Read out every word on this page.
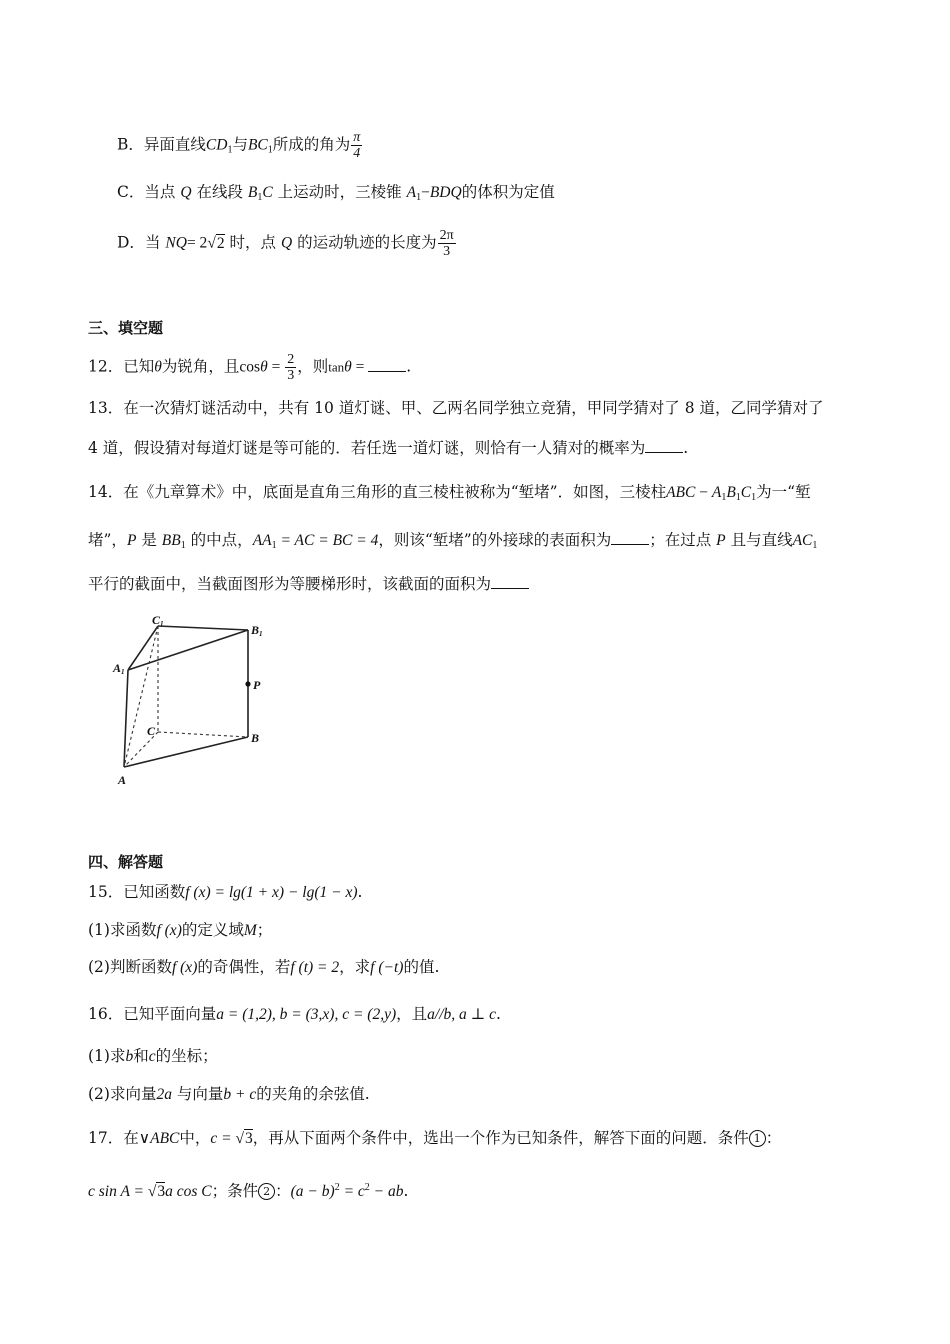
B．异面直线$CD_1$与$BC_1$所成的角为 $\frac{\pi}{4}$
C．当点 Q 在线段 $B_1C$ 上运动时，三棱锥 $A_1-BDQ$的体积为定值
D．当 NQ= 2√2 时，点 Q 的运动轨迹的长度为 $\frac{2\pi}{3}$
三、填空题
12．已知θ为锐角，且$\cos\theta = \frac{2}{3}$ ，则tanθ = .
13．在一次猜灯谜活动中，共有 10 道灯谜、甲、乙两名同学独立竞猜，甲同学猜对了 8 道，乙同学猜对了
4 道，假设猜对每道灯谜是等可能的．若任选一道灯谜，则恰有一人猜对的概率为 .
14．在《九章算术》中，底面是直角三角形的直三棱柱被称为“堑堵”．如图，三棱柱ABC − $A_1B_1C_1$为一“堑
堵”，P 是 $BB_1$ 的中点，$AA_1$ = AC = BC = 4，则该“堑堵”的外接球的表面积为 ；在过点 P 且与直线$AC_1$
平行的截面中，当截面图形为等腰梯形时，该截面的面积为
C1	B1
A1
P
C	B
A
四、解答题
15．已知函数f (x) = lg(1 + x) − lg(1 − x).
(1)求函数f (x)的定义域M；
(2)判断函数f (x)的奇偶性，若f (t) = 2，求f (−t)的值.
16．已知平面向量a = (1,2), b = (3,x), c = (2,y)，且a//b, a ⊥ c.
(1)求b和c的坐标；
(2)求向量2a 与向量b + c的夹角的余弦值.
17．在∨ABC中，c = √3，再从下面两个条件中，选出一个作为已知条件，解答下面的问题．条件 1 ：
c sin A = √3a cos C；条件 2 ：$(a - b)^2 = c^2$ − ab.
